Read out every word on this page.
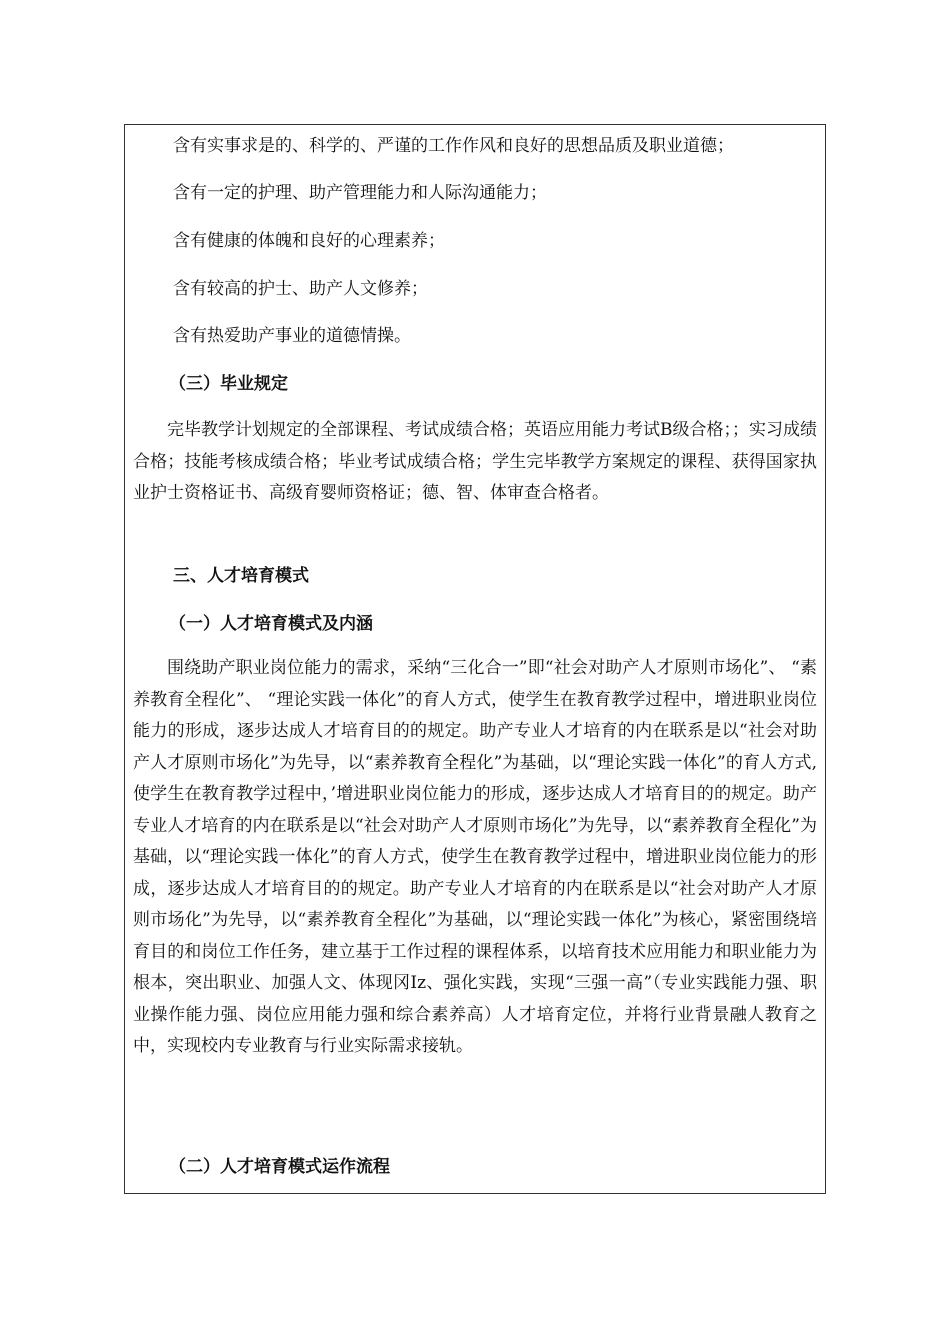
含有实事求是的、科学的、严谨的工作作风和良好的思想品质及职业道德；
含有一定的护理、助产管理能力和人际沟通能力；
含有健康的体魄和良好的心理素养；
含有较高的护士、助产人文修养；
含有热爱助产事业的道德情操。
（三）毕业规定

完毕教学计划规定的全部课程、考试成绩合格；英语应用能力考试B级合格；；实习成绩合格；技能考核成绩合格；毕业考试成绩合格；学生完毕教学方案规定的课程、获得国家执业护士资格证书、高级育婴师资格证；德、智、体审查合格者。

三、人才培育模式
（一）人才培育模式及内涵

围绕助产职业岗位能力的需求，采纳“三化合一”即“社会对助产人才原则市场化”、 “素养教育全程化”、 “理论实践一体化”的育人方式，使学生在教育教学过程中，增进职业岗位能力的形成，逐步达成人才培育目的的规定。助产专业人才培育的内在联系是以“社会对助产人才原则市场化”为先导，以“素养教育全程化”为基础，以“理论实践一体化”的育人方式,使学生在教育教学过程中，’增进职业岗位能力的形成，逐步达成人才培育目的的规定。助产专业人才培育的内在联系是以“社会对助产人才原则市场化”为先导，以“素养教育全程化”为基础，以“理论实践一体化”的育人方式，使学生在教育教学过程中，增进职业岗位能力的形成，逐步达成人才培育目的的规定。助产专业人才培育的内在联系是以“社会对助产人才原则市场化”为先导，以“素养教育全程化”为基础，以“理论实践一体化”为核心，紧密围绕培育目的和岗位工作任务，建立基于工作过程的课程体系，以培育技术应用能力和职业能力为根本，突出职业、加强人文、体现冈Iz、强化实践，实现“三强一高”（专业实践能力强、职业操作能力强、岗位应用能力强和综合素养高）人才培育定位，并将行业背景融人教育之中，实现校内专业教育与行业实际需求接轨。

（二）人才培育模式运作流程
